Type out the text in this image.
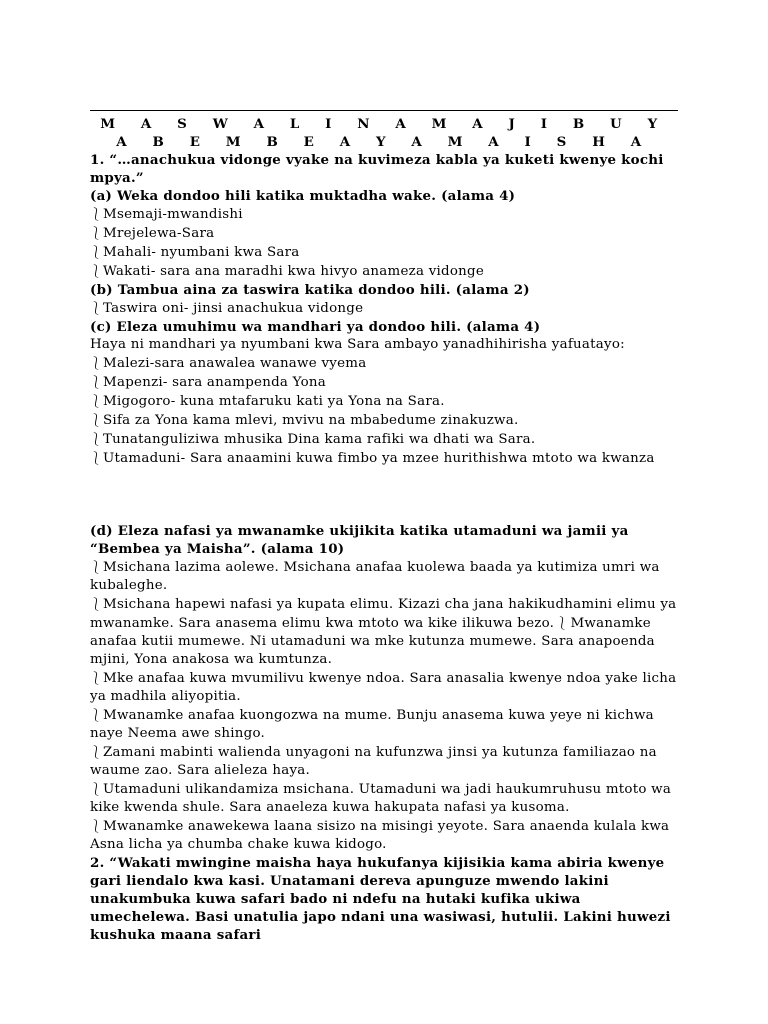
M A S W A L I N A M A J I B U Y A B E M B E A Y A M A I S H A
1. “…anachukua vidonge vyake na kuvimeza kabla ya kuketi kwenye kochi mpya.”
(a) Weka dondoo hili katika muktadha wake. (alama 4)
⎱Msemaji-mwandishi
⎱Mrejelewa-Sara
⎱Mahali- nyumbani kwa Sara
⎱Wakati- sara ana maradhi kwa hivyo anameza vidonge
(b) Tambua aina za taswira katika dondoo hili. (alama 2)
⎱Taswira oni- jinsi anachukua vidonge
(c) Eleza umuhimu wa mandhari ya dondoo hili. (alama 4)
Haya ni mandhari ya nyumbani kwa Sara ambayo yanadhihirisha yafuatayo:
⎱Malezi-sara anawalea wanawe vyema
⎱Mapenzi- sara anampenda Yona
⎱Migogoro- kuna mtafaruku kati ya Yona na Sara.
⎱Sifa za Yona kama mlevi, mvivu na mbabedume zinakuzwa.
⎱Tunatanguliziwa mhusika Dina kama rafiki wa dhati wa Sara.
⎱Utamaduni- Sara anaamini kuwa fimbo ya mzee hurithishwa mtoto wa kwanza
(d) Eleza nafasi ya mwanamke ukijikita katika utamaduni wa jamii ya “Bembea ya Maisha”. (alama 10)
⎱Msichana lazima aolewe. Msichana anafaa kuolewa baada ya kutimiza umri wa kubaleghe.
⎱Msichana hapewi nafasi ya kupata elimu. Kizazi cha jana hakikudhamini elimu ya mwanamke. Sara anasema elimu kwa mtoto wa kike ilikuwa bezo. ⎱ Mwanamke anafaa kutii mumewe. Ni utamaduni wa mke kutunza mumewe. Sara anapoenda mjini, Yona anakosa wa kumtunza.
⎱Mke anafaa kuwa mvumilivu kwenye ndoa. Sara anasalia kwenye ndoa yake licha ya madhila aliyopitia.
⎱Mwanamke anafaa kuongozwa na mume. Bunju anasema kuwa yeye ni kichwa naye Neema awe shingo.
⎱Zamani mabinti walienda unyagoni na kufunzwa jinsi ya kutunza familiazao na waume zao. Sara alieleza haya.
⎱Utamaduni ulikandamiza msichana. Utamaduni wa jadi haukumruhusu mtoto wa kike kwenda shule. Sara anaeleza kuwa hakupata nafasi ya kusoma.
⎱Mwanamke anawekewa laana sisizo na misingi yeyote. Sara anaenda kulala kwa Asna licha ya chumba chake kuwa kidogo.
2. “Wakati mwingine maisha haya hukufanya kijisikia kama abiria kwenye gari liendalo kwa kasi. Unatamani dereva apunguze mwendo lakini unakumbuka kuwa safari bado ni ndefu na hutaki kufika ukiwa umechelewa. Basi unatulia japo ndani una wasiwasi, hutulii. Lakini huwezi kushuka maana safari
